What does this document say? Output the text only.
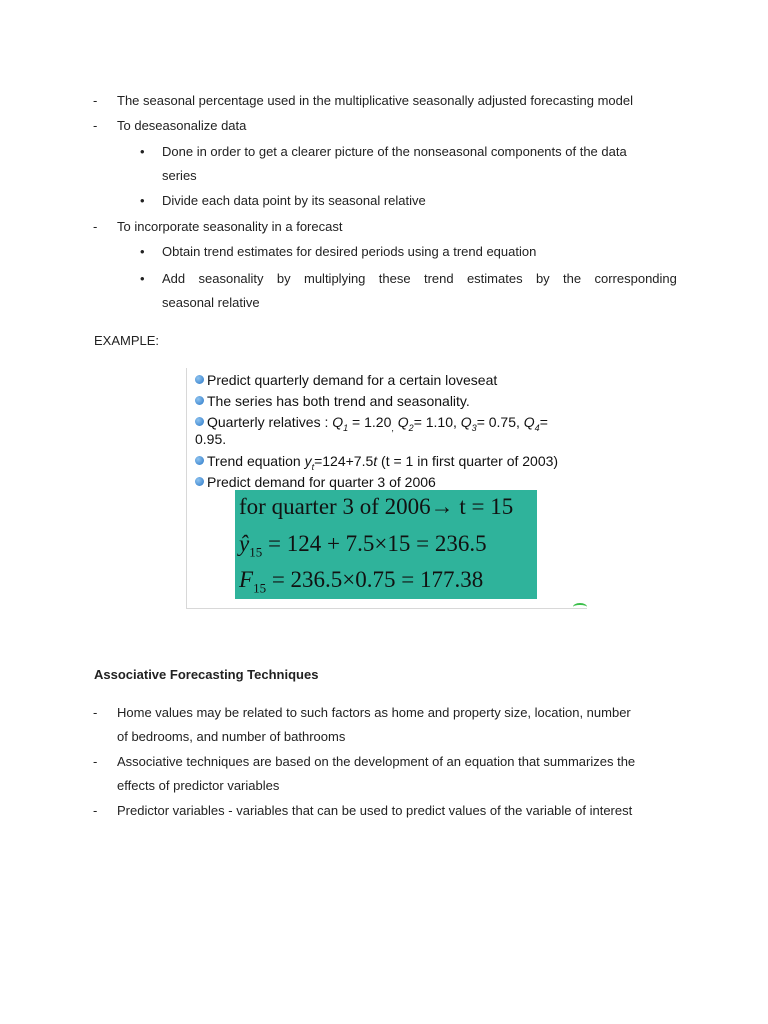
-	The seasonal percentage used in the multiplicative seasonally adjusted forecasting model
-	To deseasonalize data
• Done in order to get a clearer picture of the nonseasonal components of the data
series
• Divide each data point by its seasonal relative
-	To incorporate seasonality in a forecast
• Obtain trend estimates for desired periods using a trend equation
• Add seasonality by multiplying these trend estimates by the corresponding
seasonal relative
EXAMPLE:
Predict quarterly demand for a certain loveseat
The series has both trend and seasonality.
Quarterly relatives : $Q_1 = 1.20_,$ $Q_2= 1.10$, $Q_3= 0.75$, $Q_4=$
0.95.
Trend equation $y_t=124+7.5t$ (t = 1 in first quarter of 2003)
Predict demand for quarter 3 of 2006
for quarter 3 of 2006→ t = 15
$ŷ_{15} = 124 + 7.5\times 15 = 236.5$
$F_{15} = 236.5\times 0.75 = 177.38$
Associative Forecasting Techniques
-	Home values may be related to such factors as home and property size, location, number
of bedrooms, and number of bathrooms
-	Associative techniques are based on the development of an equation that summarizes the
effects of predictor variables
-	Predictor variables - variables that can be used to predict values of the variable of interest
